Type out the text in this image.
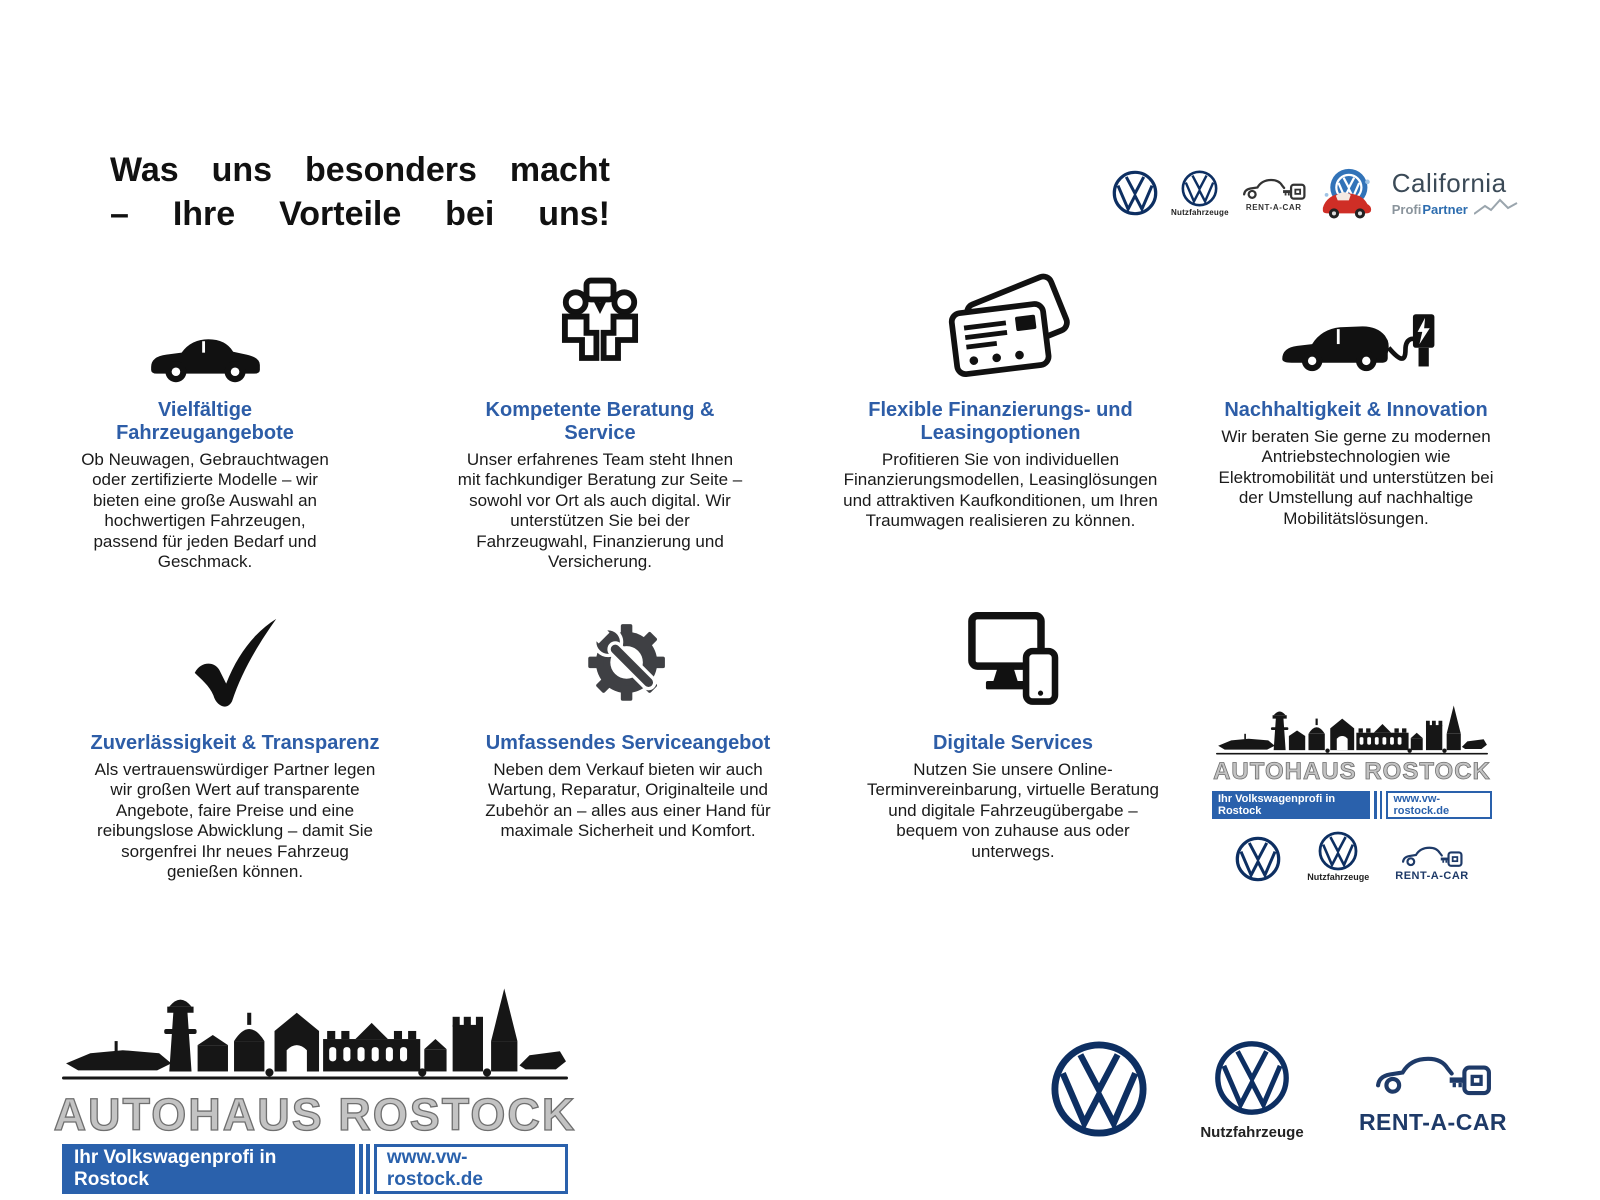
Was uns besonders macht
– Ihre Vorteile bei uns!	Nutzfahrzeuge RENT-A-CAR
California
Profi Partner
Vielfältige Fahrzeugangebote

Ob Neuwagen, Gebrauchtwagen oder zertifizierte Modelle – wir bieten eine große Auswahl an hochwertigen Fahrzeugen, passend für jeden Bedarf und Geschmack.

Kompetente Beratung & Service

Unser erfahrenes Team steht Ihnen mit fachkundiger Beratung zur Seite – sowohl vor Ort als auch digital. Wir unterstützen Sie bei der Fahrzeugwahl, Finanzierung und Versicherung.

Flexible Finanzierungs- und Leasingoptionen

Profitieren Sie von individuellen Finanzierungsmodellen, Leasinglösungen und attraktiven Kaufkonditionen, um Ihren Traumwagen realisieren zu können.

Nachhaltigkeit & Innovation

Wir beraten Sie gerne zu modernen Antriebstechnologien wie Elektromobilität und unterstützen bei der Umstellung auf nachhaltige Mobilitätslösungen.

Zuverlässigkeit & Transparenz

Als vertrauenswürdiger Partner legen wir großen Wert auf transparente Angebote, faire Preise und eine reibungslose Abwicklung – damit Sie sorgenfrei Ihr neues Fahrzeug genießen können.

Umfassendes Serviceangebot

Neben dem Verkauf bieten wir auch Wartung, Reparatur, Originalteile und Zubehör an – alles aus einer Hand für maximale Sicherheit und Komfort.

Digitale Services

Nutzen Sie unsere Online-Terminvereinbarung, virtuelle Beratung und digitale Fahrzeugübergabe – bequem von zuhause aus oder unterwegs.

AUTOHAUS ROSTOCK
Ihr Volkswagenprofi in Rostock
www.vw-rostock.de
Nutzfahrzeuge RENT-A-CAR
AUTOHAUS ROSTOCK
Ihr Volkswagenprofi in Rostock
www.vw-rostock.de
Nutzfahrzeuge RENT-A-CAR
